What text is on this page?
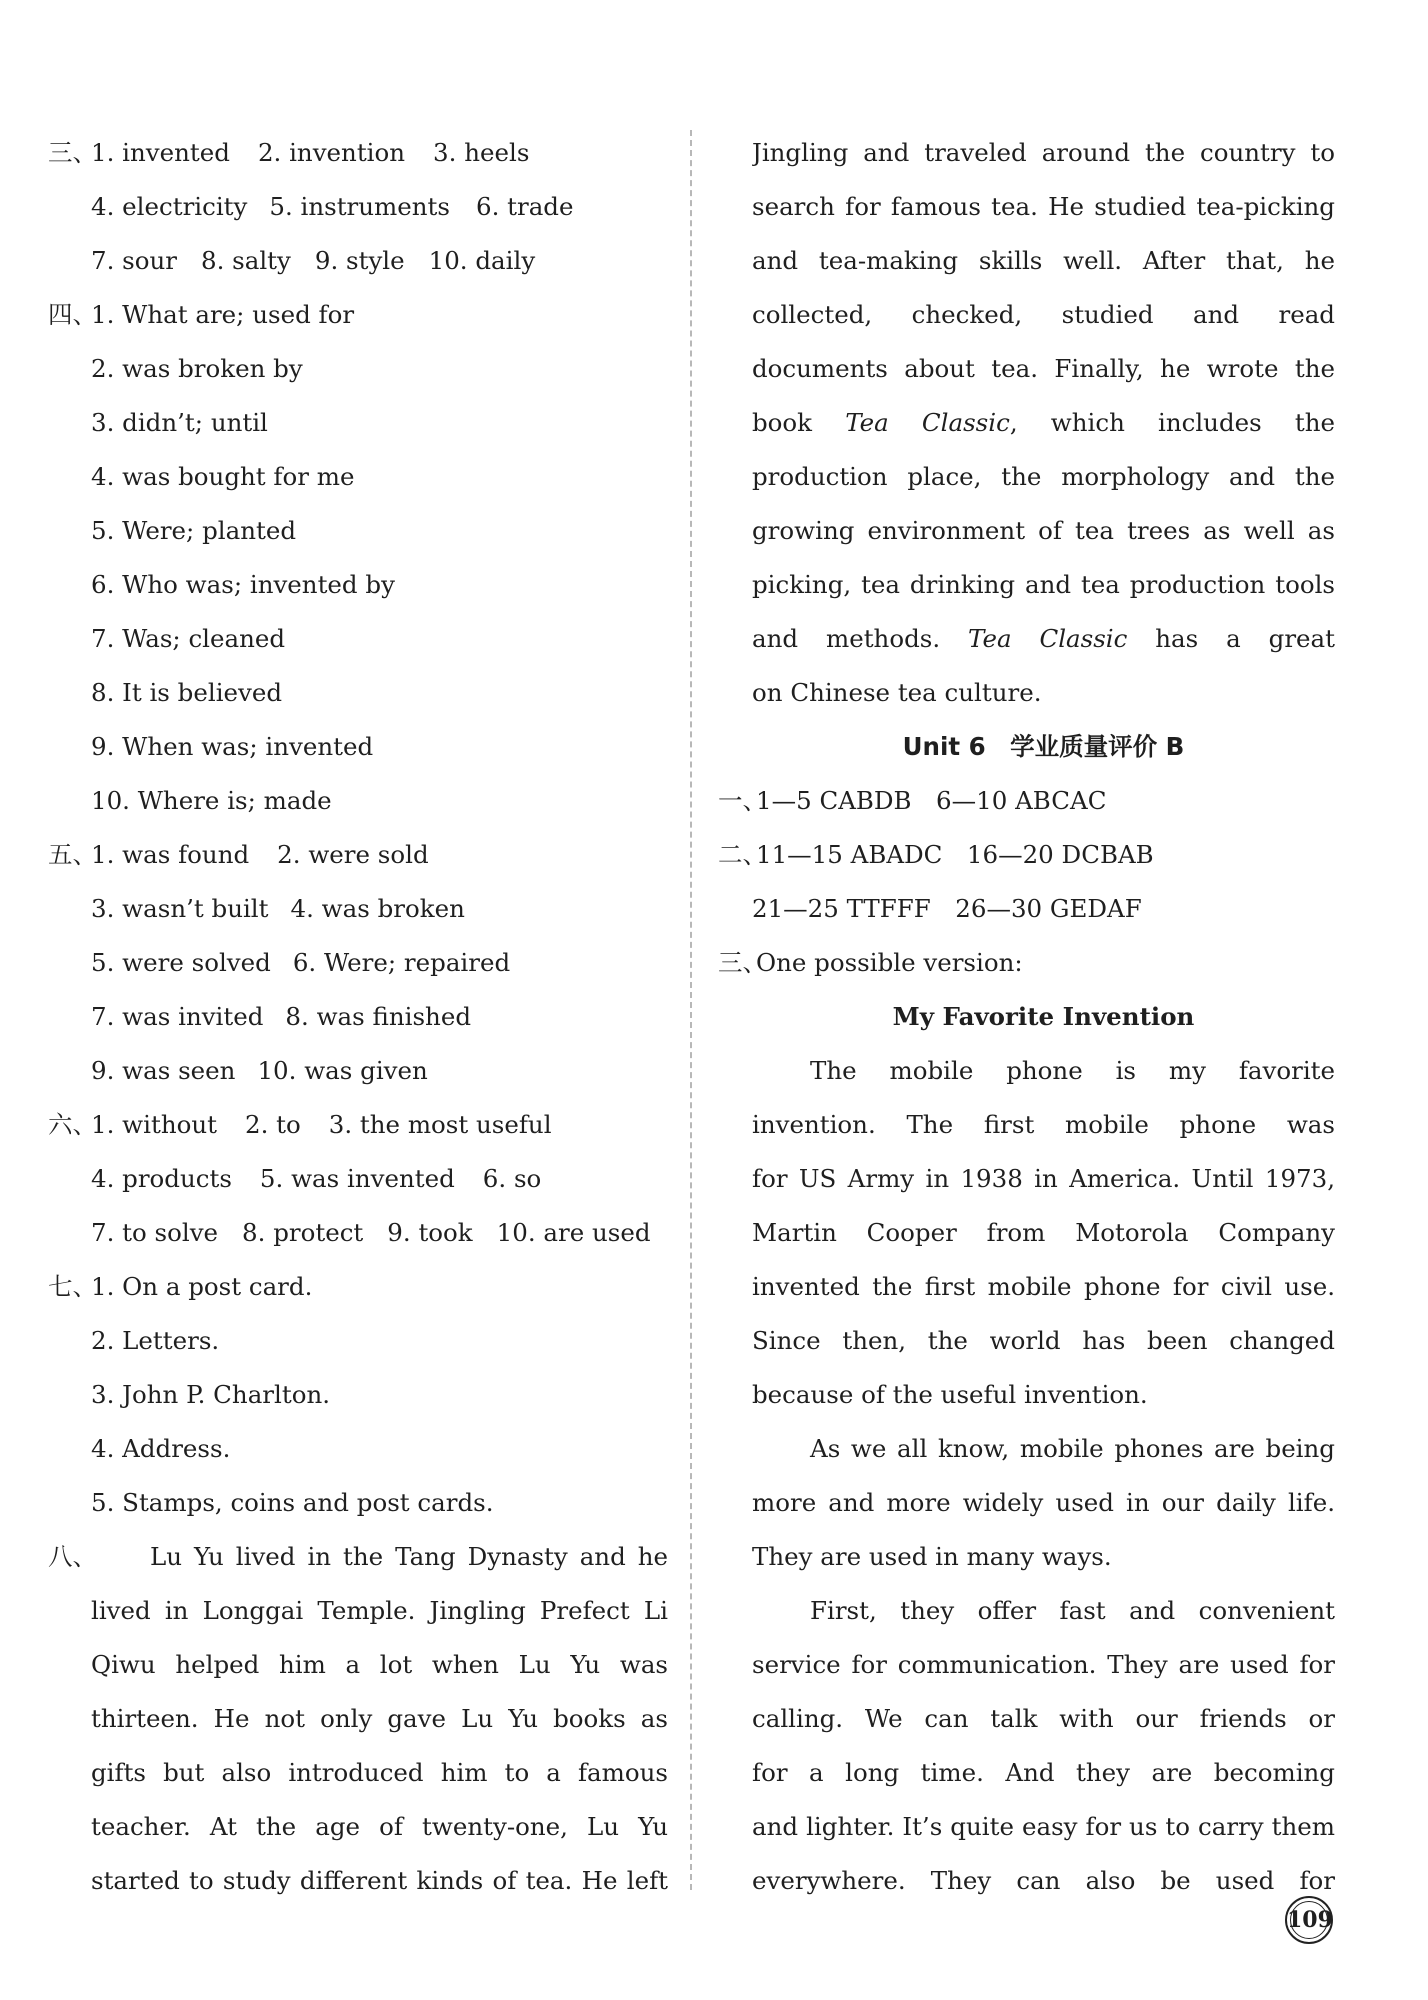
三、1. invented 2. invention 3. heels
4. electricity 5. instruments 6. trade
7. sour 8. salty 9. style 10. daily
四、1. What are; used for
2. was broken by
3. didn’t; until
4. was bought for me
5. Were; planted
6. Who was; invented by
7. Was; cleaned
8. It is believed
9. When was; invented
10. Where is; made
五、1. was found 2. were sold
3. wasn’t built 4. was broken
5. were solved 6. Were; repaired
7. was invited 8. was finished
9. was seen 10. was given
六、1. without 2. to 3. the most useful
4. products 5. was invented 6. so
7. to solve 8. protect 9. took 10. are used
七、1. On a post card.
2. Letters.
3. John P. Charlton.
4. Address.
5. Stamps, coins and post cards.
八、 Lu Yu lived in the Tang Dynasty and he
lived in Longgai Temple. Jingling Prefect Li
Qiwu helped him a lot when Lu Yu was
thirteen. He not only gave Lu Yu books as
gifts but also introduced him to a famous
teacher. At the age of twenty-one, Lu Yu
started to study different kinds of tea. He left
Jingling and traveled around the country to
search for famous tea. He studied tea-picking
and tea-making skills well. After that, he
collected, checked, studied and read
documents about tea. Finally, he wrote the
book Tea Classic, which includes the
production place, the morphology and the
growing environment of tea trees as well as
picking, tea drinking and tea production tools
and methods. Tea Classic has a great
on Chinese tea culture.
Unit 6　学业质量评价 B
一、1—5 CABDB　6—10 ABCAC
二、11—15 ABADC　16—20 DCBAB
21—25 TTFFF　26—30 GEDAF
三、One possible version:
My Favorite Invention
The mobile phone is my favorite
invention. The first mobile phone was
for US Army in 1938 in America. Until 1973,
Martin Cooper from Motorola Company
invented the first mobile phone for civil use.
Since then, the world has been changed
because of the useful invention.
As we all know, mobile phones are being
more and more widely used in our daily life.
They are used in many ways.
First, they offer fast and convenient
service for communication. They are used for
calling. We can talk with our friends or
for a long time. And they are becoming
and lighter. It’s quite easy for us to carry them
everywhere. They can also be used for
109
